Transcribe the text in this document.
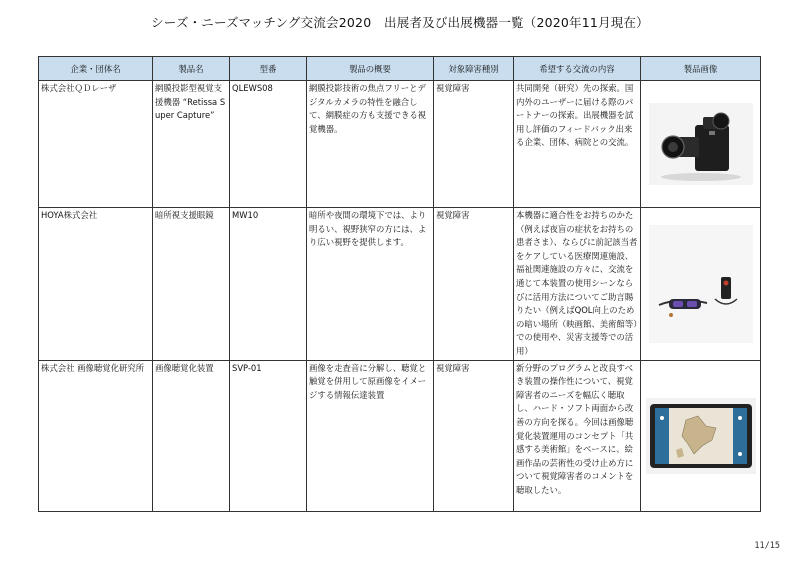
シーズ・ニーズマッチング交流会2020　出展者及び出展機器一覧（2020年11月現在）
企業・団体名	製品名	型番	製品の概要	対象障害種別	希望する交流の内容	製品画像
株式会社ＱＤレーザ	網膜投影型視覚支援機器 “Retissa Super Capture”	QLEWS08	網膜投影技術の焦点フリーとデジタルカメラの特性を融合して、網膜症の方も支援できる視覚機器。	視覚障害	共同開発（研究）先の探索。国内外のユーザーに届ける際のパートナーの探索。出展機器を試用し評価のフィードバック出来る企業、団体、病院との交流。	

HOYA株式会社	暗所視支援眼鏡	MW10	暗所や夜間の環境下では、より明るい、視野狭窄の方には、より広い視野を提供します。	視覚障害	本機器に適合性をお持ちのかた（例えば夜盲の症状をお持ちの患者さま）、ならびに前記該当者をケアしている医療関連施設、福祉関連施設の方々に、交流を通じて本装置の使用シーンならびに活用方法についてご助言賜りたい（例えばQOL向上のための暗い場所（映画館、美術館等）での使用や、災害支援等での活用）	

株式会社 画像聴覚化研究所	画像聴覚化装置	SVP-01	画像を走査音に分解し、聴覚と触覚を併用して原画像をイメージする情報伝達装置	視覚障害	新分野のプログラムと改良すべき装置の操作性について、視覚障害者のニーズを幅広く聴取し、ハード・ソフト両面から改善の方向を探る。今回は画像聴覚化装置運用のコンセプト「共感する美術館」をベースに、絵画作品の芸術性の受け止め方について視覚障害者のコメントを聴取したい。	
11/15
